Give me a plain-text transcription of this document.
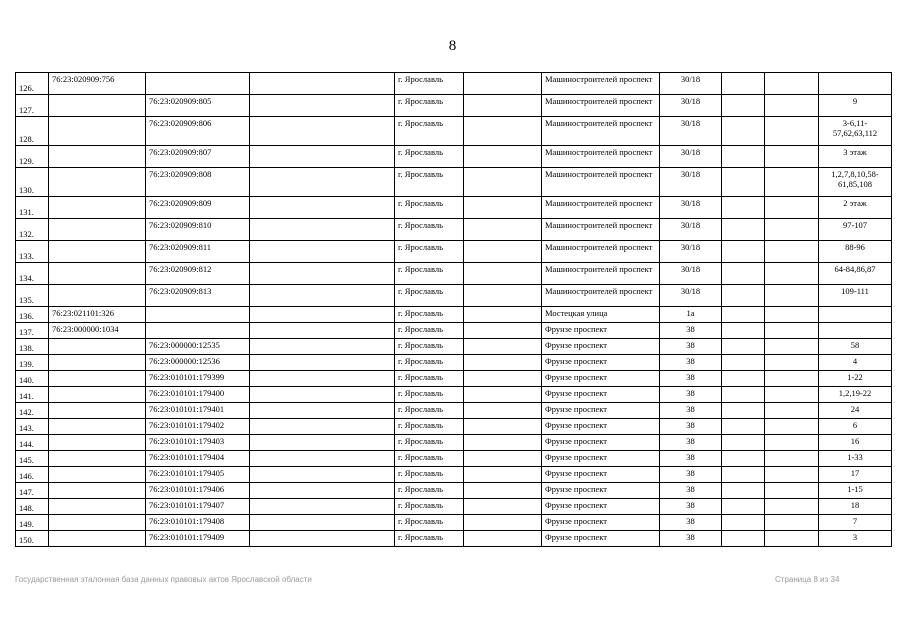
8
126.	76:23:020909:756			г. Ярославль		Машиностроителей проспект	30/18			
127.		76:23:020909:805		г. Ярославль		Машиностроителей проспект	30/18			9
128.		76:23:020909:806		г. Ярославль		Машиностроителей проспект	30/18			3-6,11-57,62,63,112
129.		76:23:020909:807		г. Ярославль		Машиностроителей проспект	30/18			3 этаж
130.		76:23:020909:808		г. Ярославль		Машиностроителей проспект	30/18			1,2,7,8,10,58-61,85,108
131.		76:23:020909:809		г. Ярославль		Машиностроителей проспект	30/18			2 этаж
132.		76:23:020909:810		г. Ярославль		Машиностроителей проспект	30/18			97-107
133.		76:23:020909:811		г. Ярославль		Машиностроителей проспект	30/18			88-96
134.		76:23:020909:812		г. Ярославль		Машиностроителей проспект	30/18			64-84,86,87
135.		76:23:020909:813		г. Ярославль		Машиностроителей проспект	30/18			109-111
136.	76:23:021101:326			г. Ярославль		Мостецкая улица	1а			
137.	76:23:000000:1034			г. Ярославль		Фрунзе проспект	38			
138.		76:23:000000:12535		г. Ярославль		Фрунзе проспект	38			58
139.		76:23:000000:12536		г. Ярославль		Фрунзе проспект	38			4
140.		76:23:010101:179399		г. Ярославль		Фрунзе проспект	38			1-22
141.		76:23:010101:179400		г. Ярославль		Фрунзе проспект	38			1,2,19-22
142.		76:23:010101:179401		г. Ярославль		Фрунзе проспект	38			24
143.		76:23:010101:179402		г. Ярославль		Фрунзе проспект	38			6
144.		76:23:010101:179403		г. Ярославль		Фрунзе проспект	38			16
145.		76:23:010101:179404		г. Ярославль		Фрунзе проспект	38			1-33
146.		76:23:010101:179405		г. Ярославль		Фрунзе проспект	38			17
147.		76:23:010101:179406		г. Ярославль		Фрунзе проспект	38			1-15
148.		76:23:010101:179407		г. Ярославль		Фрунзе проспект	38			18
149.		76:23:010101:179408		г. Ярославль		Фрунзе проспект	38			7
150.		76:23:010101:179409		г. Ярославль		Фрунзе проспект	38			3
Государственная эталонная база данных правовых актов Ярославской области	Страница 8 из 34
